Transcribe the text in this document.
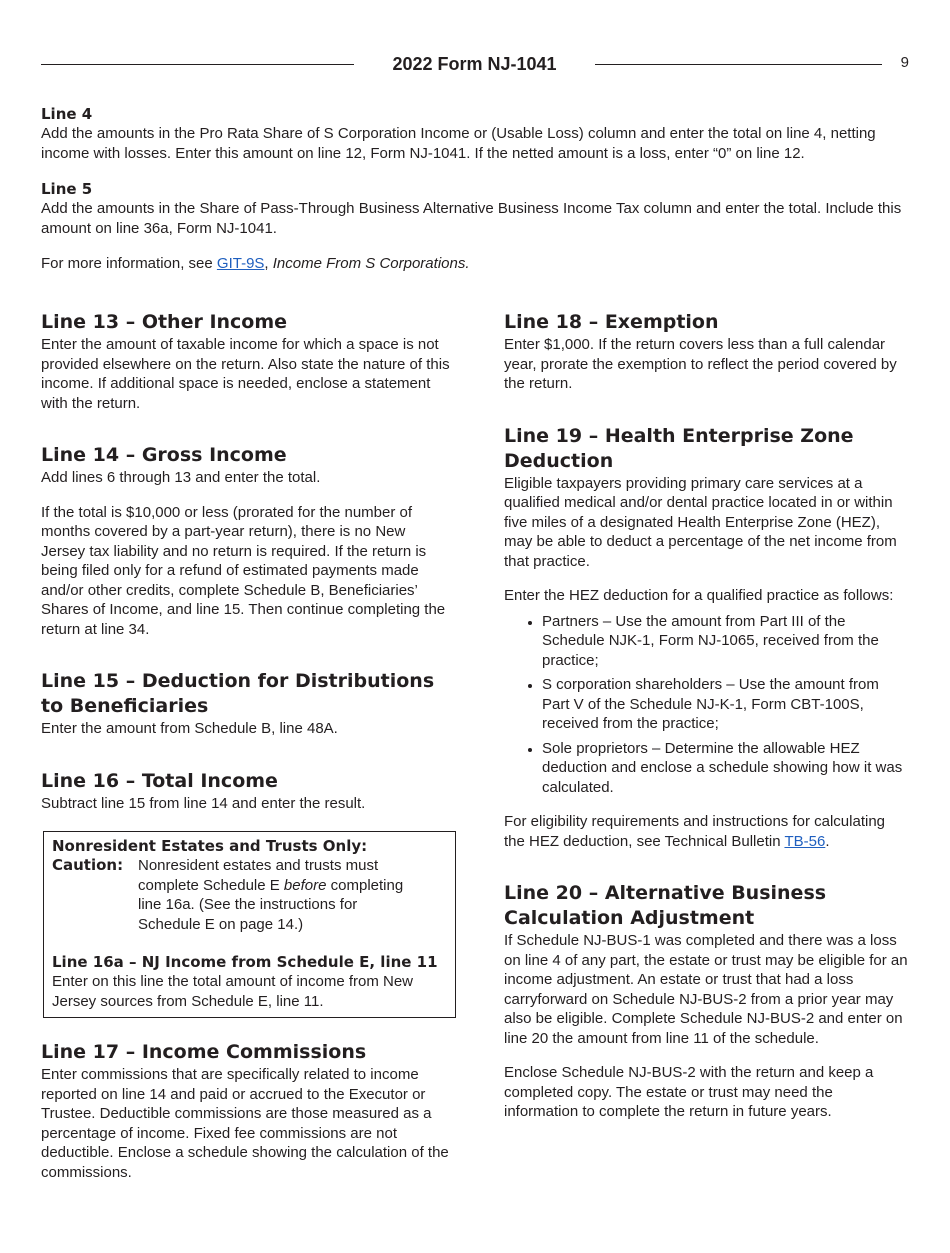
2022 Form NJ-1041	9

Line 4

Add the amounts in the Pro Rata Share of S Corporation Income or (Usable Loss) column and enter the total on line 4, netting income with losses. Enter this amount on line 12, Form NJ-1041. If the netted amount is a loss, enter “0” on line 12.

Line 5

Add the amounts in the Share of Pass-Through Business Alternative Business Income Tax column and enter the total. Include this amount on line 36a, Form NJ-1041.

For more information, see GIT-9S, Income From S Corporations.

Line 13 – Other Income

Enter the amount of taxable income for which a space is not provided elsewhere on the return. Also state the nature of this income. If additional space is needed, enclose a statement with the return.

Line 14 – Gross Income

Add lines 6 through 13 and enter the total.

If the total is $10,000 or less (prorated for the number of months covered by a part-year return), there is no New Jersey tax liability and no return is required. If the return is being filed only for a refund of estimated payments made and/or other credits, complete Schedule B, Beneficiaries’ Shares of Income, and line 15. Then continue completing the return at line 34.

Line 15 – Deduction for Distributions to Beneficiaries

Enter the amount from Schedule B, line 48A.

Line 16 – Total Income

Subtract line 15 from line 14 and enter the result.

Nonresident Estates and Trusts Only:
Caution: Nonresident estates and trusts must complete Schedule E before completing line 16a. (See the instructions for Schedule E on page 14.)
Line 16a – NJ Income from Schedule E, line 11

Enter on this line the total amount of income from New Jersey sources from Schedule E, line 11.

Line 17 – Income Commissions

Enter commissions that are specifically related to income reported on line 14 and paid or accrued to the Executor or Trustee. Deductible commissions are those measured as a percentage of income. Fixed fee commissions are not deductible. Enclose a schedule showing the calculation of the commissions.

Line 18 – Exemption

Enter $1,000. If the return covers less than a full calendar year, prorate the exemption to reflect the period covered by the return.

Line 19 – Health Enterprise Zone Deduction

Eligible taxpayers providing primary care services at a qualified medical and/or dental practice located in or within five miles of a designated Health Enterprise Zone (HEZ), may be able to deduct a percentage of the net income from that practice.

Enter the HEZ deduction for a qualified practice as follows:

• Partners – Use the amount from Part III of the Schedule NJK-1, Form NJ-1065, received from the practice;
• S corporation shareholders – Use the amount from Part V of the Schedule NJ-K-1, Form CBT-100S, received from the practice;
• Sole proprietors – Determine the allowable HEZ deduction and enclose a schedule showing how it was calculated.

For eligibility requirements and instructions for calculating the HEZ deduction, see Technical Bulletin TB-56.

Line 20 – Alternative Business Calculation Adjustment

If Schedule NJ-BUS-1 was completed and there was a loss on line 4 of any part, the estate or trust may be eligible for an income adjustment. An estate or trust that had a loss carryforward on Schedule NJ-BUS-2 from a prior year may also be eligible. Complete Schedule NJ-BUS-2 and enter on line 20 the amount from line 11 of the schedule.

Enclose Schedule NJ-BUS-2 with the return and keep a completed copy. The estate or trust may need the information to complete the return in future years.
